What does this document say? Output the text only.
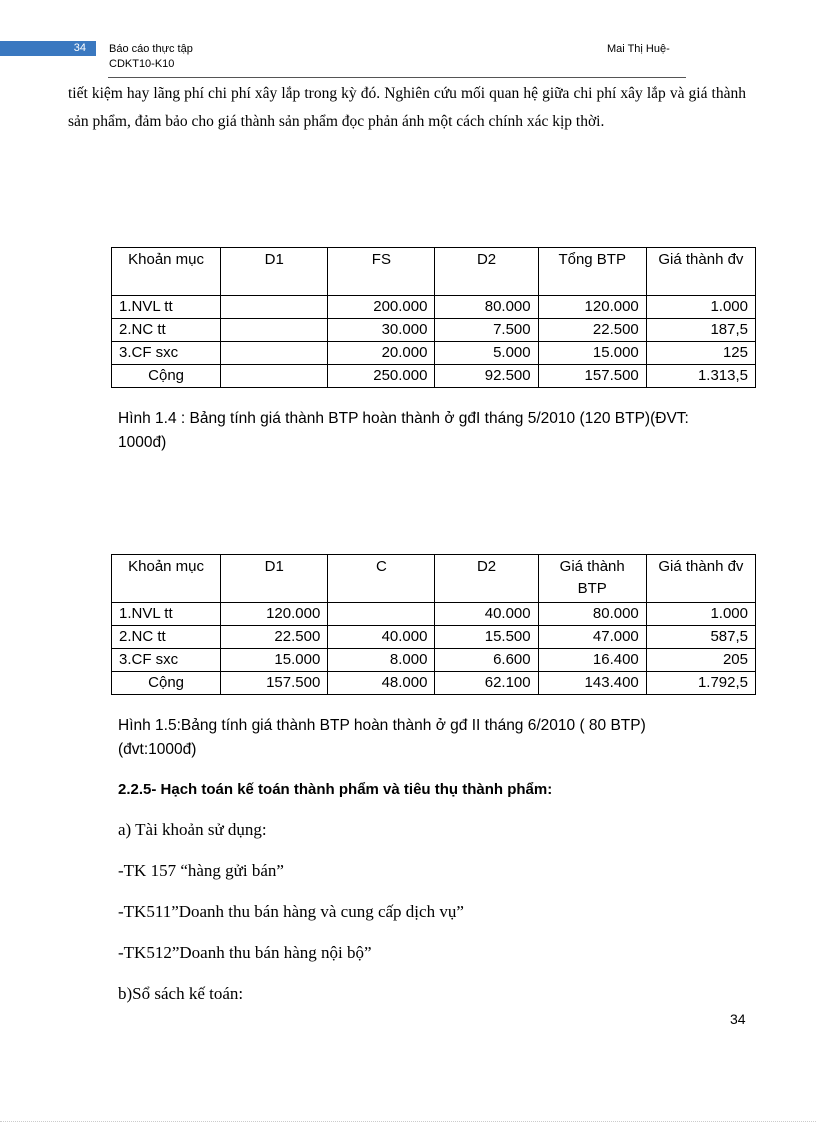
34 Báo cáo thực tập
CDKT10-K10
Mai Thị Huệ-
tiết kiệm hay lãng phí chi phí xây lắp trong kỳ đó. Nghiên cứu mối quan hệ giữa chi phí xây lắp và giá thành sản phẩm, đảm bảo cho giá thành sản phẩm đọc phản ánh một cách chính xác kịp thời.
Khoản mục	D1	FS	D2	Tổng BTP	Giá thành đv
1.NVL tt		200.000	80.000	120.000	1.000
2.NC tt		30.000	7.500	22.500	187,5
3.CF sxc		20.000	5.000	15.000	125
Cộng		250.000	92.500	157.500	1.313,5
Hình 1.4 : Bảng tính giá thành BTP hoàn thành ở gđI tháng 5/2010 (120 BTP)(ĐVT: 1000đ)
Khoản mục	D1	C	D2	Giá thành BTP	Giá thành đv
1.NVL tt	120.000		40.000	80.000	1.000
2.NC tt	22.500	40.000	15.500	47.000	587,5
3.CF sxc	15.000	8.000	6.600	16.400	205
Cộng	157.500	48.000	62.100	143.400	1.792,5
Hình 1.5:Bảng tính giá thành BTP hoàn thành ở gđ II tháng 6/2010 ( 80 BTP)(đvt:1000đ)
2.2.5- Hạch toán kế toán thành phẩm và tiêu thụ thành phẩm:
a) Tài khoản sử dụng:
-TK 157 “hàng gửi bán”
-TK511”Doanh thu bán hàng và cung cấp dịch vụ”
-TK512”Doanh thu bán hàng nội bộ”
b)Sổ sách kế toán:
34
